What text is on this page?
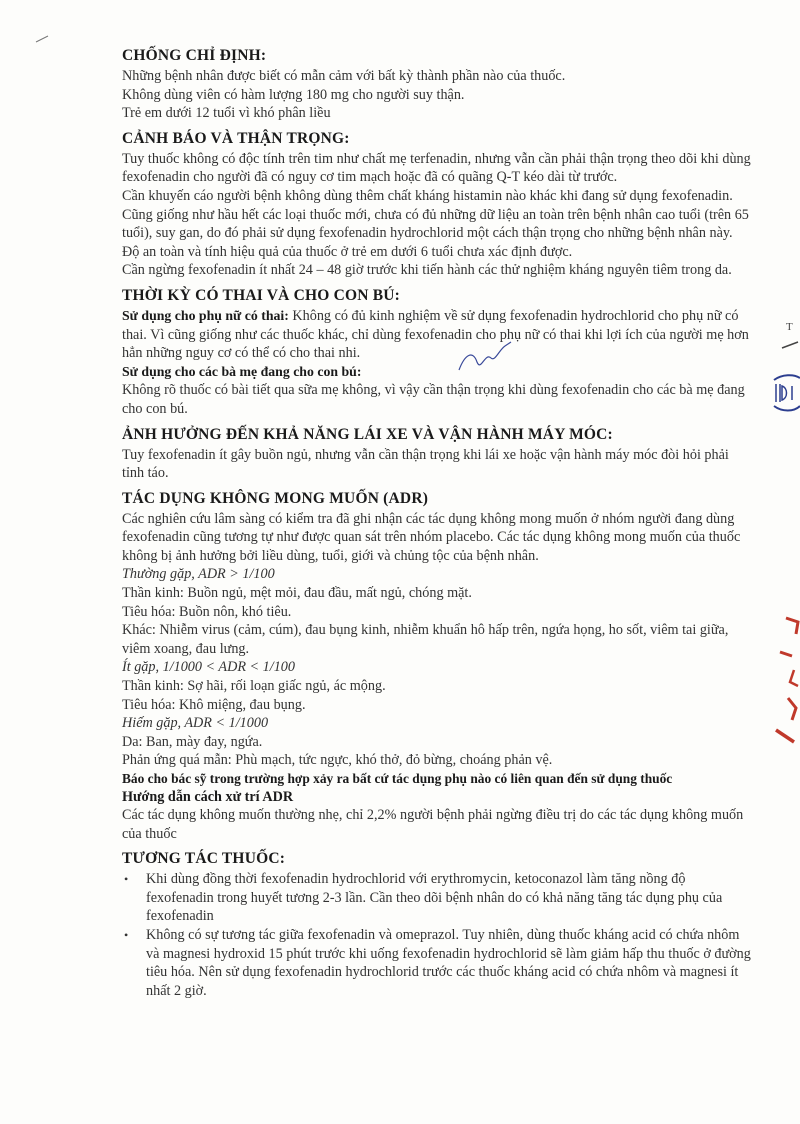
T
CHỐNG CHỈ ĐỊNH:

Những bệnh nhân được biết có mẫn cảm với bất kỳ thành phần nào của thuốc.

Không dùng viên có hàm lượng 180 mg cho người suy thận.

Trẻ em dưới 12 tuổi vì khó phân liều

CẢNH BÁO VÀ THẬN TRỌNG:

Tuy thuốc không có độc tính trên tim như chất mẹ terfenadin, nhưng vẫn cần phải thận trọng theo dõi khi dùng fexofenadin cho người đã có nguy cơ tim mạch hoặc đã có quãng Q-T kéo dài từ trước.

Cần khuyến cáo người bệnh không dùng thêm chất kháng histamin nào khác khi đang sử dụng fexofenadin.

Cũng giống như hầu hết các loại thuốc mới, chưa có đủ những dữ liệu an toàn trên bệnh nhân cao tuổi (trên 65 tuổi), suy gan, do đó phải sử dụng fexofenadin hydrochlorid một cách thận trọng cho những bệnh nhân này.

Độ an toàn và tính hiệu quả của thuốc ở trẻ em dưới 6 tuổi chưa xác định được.

Cần ngừng fexofenadin ít nhất 24 – 48 giờ trước khi tiến hành các thử nghiệm kháng nguyên tiêm trong da.

THỜI KỲ CÓ THAI VÀ CHO CON BÚ:

Sử dụng cho phụ nữ có thai: Không có đủ kinh nghiệm về sử dụng fexofenadin hydrochlorid cho phụ nữ có thai. Vì cũng giống như các thuốc khác, chỉ dùng fexofenadin cho phụ nữ có thai khi lợi ích của người mẹ hơn hẳn những nguy cơ có thể có cho thai nhi.

Sử dụng cho các bà mẹ đang cho con bú:

Không rõ thuốc có bài tiết qua sữa mẹ không, vì vậy cần thận trọng khi dùng fexofenadin cho các bà mẹ đang cho con bú.

ẢNH HƯỞNG ĐẾN KHẢ NĂNG LÁI XE VÀ VẬN HÀNH MÁY MÓC:

Tuy fexofenadin ít gây buồn ngủ, nhưng vẫn cần thận trọng khi lái xe hoặc vận hành máy móc đòi hỏi phải tỉnh táo.

TÁC DỤNG KHÔNG MONG MUỐN (ADR)

Các nghiên cứu lâm sàng có kiểm tra đã ghi nhận các tác dụng không mong muốn ở nhóm người đang dùng fexofenadin cũng tương tự như được quan sát trên nhóm placebo. Các tác dụng không mong muốn của thuốc không bị ảnh hưởng bởi liều dùng, tuổi, giới và chủng tộc của bệnh nhân.

Thường gặp, ADR > 1/100

Thần kinh: Buồn ngủ, mệt mỏi, đau đầu, mất ngủ, chóng mặt.

Tiêu hóa: Buồn nôn, khó tiêu.

Khác: Nhiễm virus (cảm, cúm), đau bụng kinh, nhiễm khuẩn hô hấp trên, ngứa họng, ho sốt, viêm tai giữa, viêm xoang, đau lưng.

Ít gặp, 1/1000 < ADR < 1/100

Thần kinh: Sợ hãi, rối loạn giấc ngủ, ác mộng.

Tiêu hóa: Khô miệng, đau bụng.

Hiếm gặp, ADR < 1/1000

Da: Ban, mày đay, ngứa.

Phản ứng quá mẫn: Phù mạch, tức ngực, khó thở, đỏ bừng, choáng phản vệ.

Báo cho bác sỹ trong trường hợp xảy ra bất cứ tác dụng phụ nào có liên quan đến sử dụng thuốc

Hướng dẫn cách xử trí ADR

Các tác dụng không muốn thường nhẹ, chỉ 2,2% người bệnh phải ngừng điều trị do các tác dụng không muốn của thuốc

TƯƠNG TÁC THUỐC:
• Khi dùng đồng thời fexofenadin hydrochlorid với erythromycin, ketoconazol làm tăng nồng độ fexofenadin trong huyết tương 2-3 lần. Cần theo dõi bệnh nhân do có khả năng tăng tác dụng phụ của fexofenadin
• Không có sự tương tác giữa fexofenadin và omeprazol. Tuy nhiên, dùng thuốc kháng acid có chứa nhôm và magnesi hydroxid 15 phút trước khi uống fexofenadin hydrochlorid sẽ làm giảm hấp thu thuốc ở đường tiêu hóa. Nên sử dụng fexofenadin hydrochlorid trước các thuốc kháng acid có chứa nhôm và magnesi ít nhất 2 giờ.
